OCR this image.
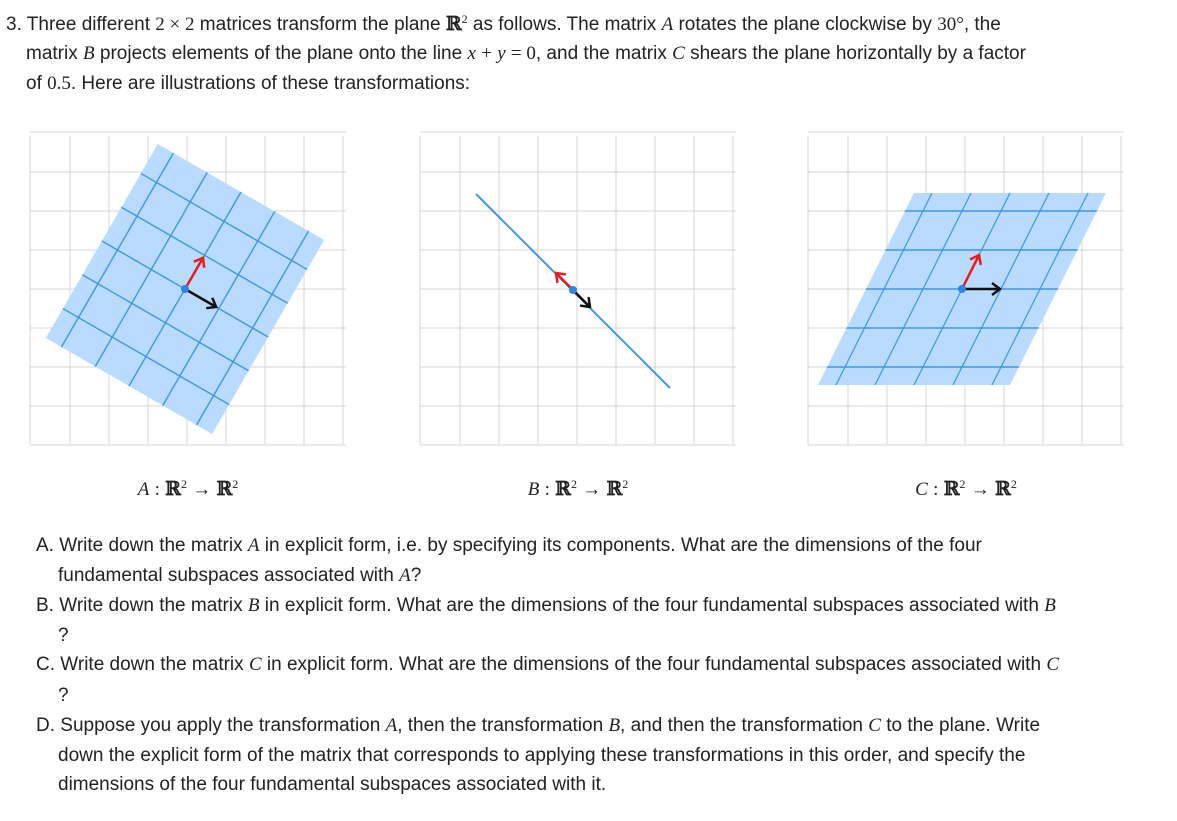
3. Three different 2 × 2 matrices transform the plane ℝ$^2$ as follows. The matrix A rotates the plane clockwise by 30°, the
matrix B projects elements of the plane onto the line x + y = 0, and the matrix C shears the plane horizontally by a factor
of 0.5. Here are illustrations of these transformations:
A : ℝ$^2$ → ℝ$^2$	B : ℝ$^2$ → ℝ$^2$	C : ℝ$^2$ → ℝ$^2$
A. Write down the matrix A in explicit form, i.e. by specifying its components. What are the dimensions of the four
fundamental subspaces associated with A?
B. Write down the matrix B in explicit form. What are the dimensions of the four fundamental subspaces associated with B
?
C. Write down the matrix C in explicit form. What are the dimensions of the four fundamental subspaces associated with C
?
D. Suppose you apply the transformation A, then the transformation B, and then the transformation C to the plane. Write
down the explicit form of the matrix that corresponds to applying these transformations in this order, and specify the
dimensions of the four fundamental subspaces associated with it.
